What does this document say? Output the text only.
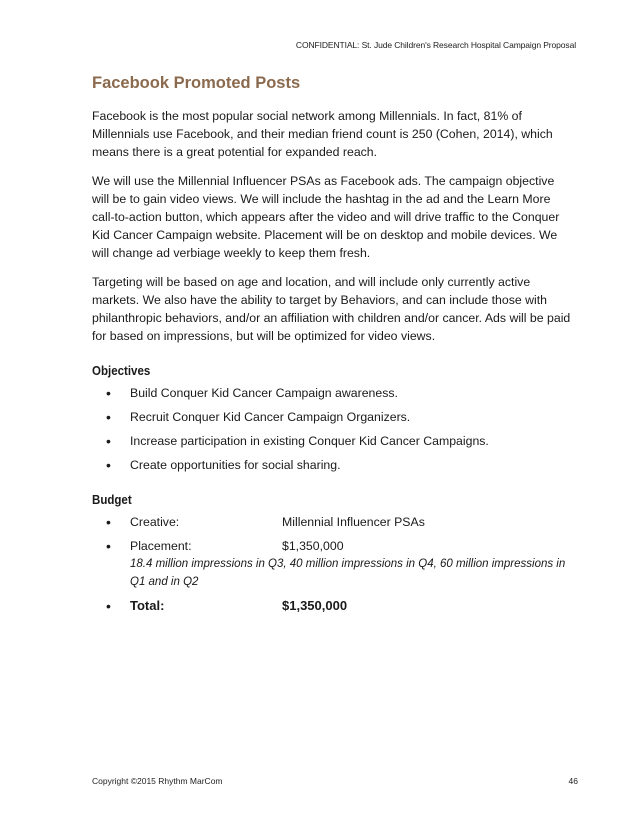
CONFIDENTIAL: St. Jude Children's Research Hospital Campaign Proposal
Facebook Promoted Posts

Facebook is the most popular social network among Millennials. In fact, 81% of Millennials use Facebook, and their median friend count is 250 (Cohen, 2014), which means there is a great potential for expanded reach.

We will use the Millennial Influencer PSAs as Facebook ads. The campaign objective will be to gain video views. We will include the hashtag in the ad and the Learn More call-to-action button, which appears after the video and will drive traffic to the Conquer Kid Cancer Campaign website. Placement will be on desktop and mobile devices. We will change ad verbiage weekly to keep them fresh.

Targeting will be based on age and location, and will include only currently active markets. We also have the ability to target by Behaviors, and can include those with philanthropic behaviors, and/or an affiliation with children and/or cancer. Ads will be paid for based on impressions, but will be optimized for video views.

Objectives
• Build Conquer Kid Cancer Campaign awareness.
• Recruit Conquer Kid Cancer Campaign Organizers.
• Increase participation in existing Conquer Kid Cancer Campaigns.
• Create opportunities for social sharing.
Budget
• Creative:	Millennial Influencer PSAs
• Placement:	$1,350,000
18.4 million impressions in Q3, 40 million impressions in Q4, 60 million impressions in Q1 and in Q2
• Total:	$1,350,000
Copyright ©2015 Rhythm MarCom	46
